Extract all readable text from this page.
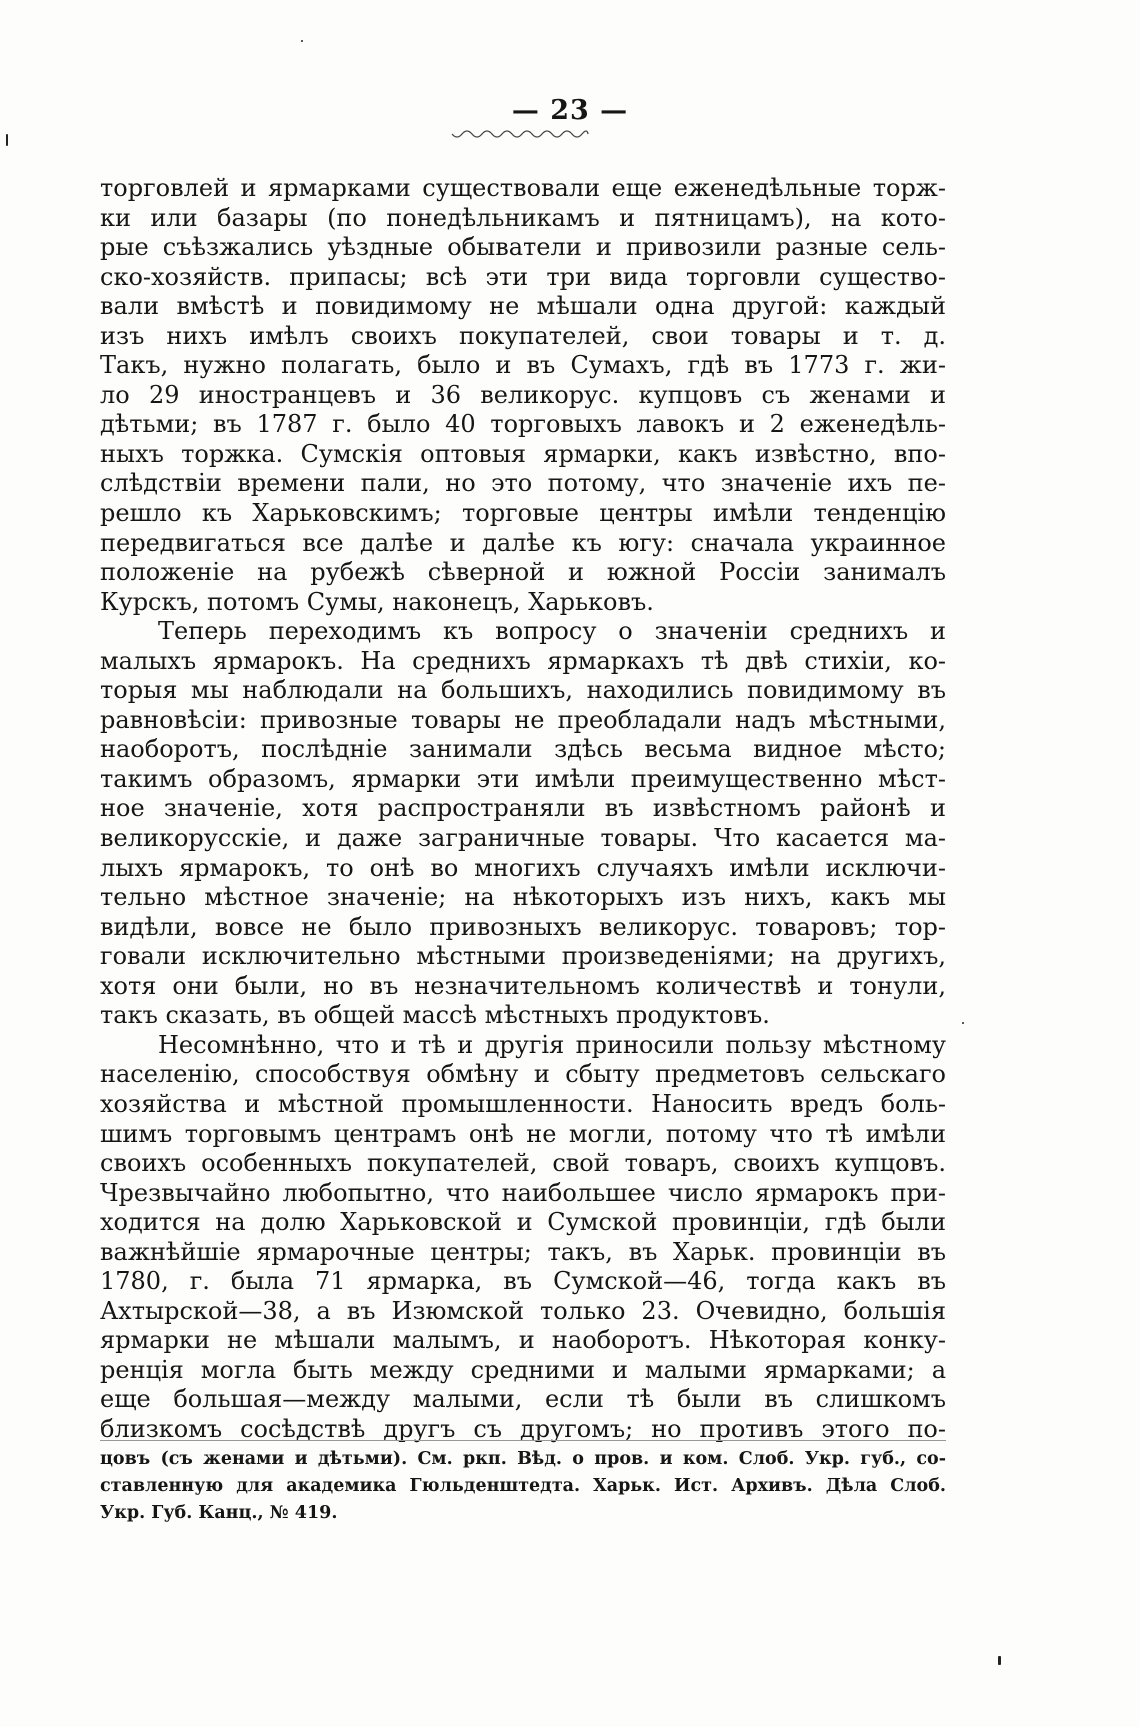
— 23 —
торговлей и ярмарками существовали еще еженедѣльные торж-
ки или базары (по понедѣльникамъ и пятницамъ), на кото-
рые съѣзжались уѣздные обыватели и привозили разные сель-
ско-хозяйств. припасы; всѣ эти три вида торговли существо-
вали вмѣстѣ и повидимому не мѣшали одна другой: каждый
изъ нихъ имѣлъ своихъ покупателей, свои товары и т. д.
Такъ, нужно полагать, было и въ Сумахъ, гдѣ въ 1773 г. жи-
ло 29 иностранцевъ и 36 великорус. купцовъ съ женами и
дѣтьми; въ 1787 г. было 40 торговыхъ лавокъ и 2 еженедѣль-
ныхъ торжка. Сумскія оптовыя ярмарки, какъ извѣстно, впо-
слѣдствіи времени пали, но это потому, что значеніе ихъ пе-
решло къ Харьковскимъ; торговые центры имѣли тенденцію
передвигаться все далѣе и далѣе къ югу: сначала украинное
положеніе на рубежѣ сѣверной и южной Россіи занималъ
Курскъ, потомъ Сумы, наконецъ, Харьковъ.
Теперь переходимъ къ вопросу о значеніи среднихъ и
малыхъ ярмарокъ. На среднихъ ярмаркахъ тѣ двѣ стихіи, ко-
торыя мы наблюдали на большихъ, находились повидимому въ
равновѣсіи: привозные товары не преобладали надъ мѣстными,
наоборотъ, послѣдніе занимали здѣсь весьма видное мѣсто;
такимъ образомъ, ярмарки эти имѣли преимущественно мѣст-
ное значеніе, хотя распространяли въ извѣстномъ районѣ и
великорусскіе, и даже заграничные товары. Что касается ма-
лыхъ ярмарокъ, то онѣ во многихъ случаяхъ имѣли исключи-
тельно мѣстное значеніе; на нѣкоторыхъ изъ нихъ, какъ мы
видѣли, вовсе не было привозныхъ великорус. товаровъ; тор-
говали исключительно мѣстными произведеніями; на другихъ,
хотя они были, но въ незначительномъ количествѣ и тонули,
такъ сказать, въ общей массѣ мѣстныхъ продуктовъ.
Несомнѣнно, что и тѣ и другія приносили пользу мѣстному
населенію, способствуя обмѣну и сбыту предметовъ сельскаго
хозяйства и мѣстной промышленности. Наносить вредъ боль-
шимъ торговымъ центрамъ онѣ не могли, потому что тѣ имѣли
своихъ особенныхъ покупателей, свой товаръ, своихъ купцовъ.
Чрезвычайно любопытно, что наибольшее число ярмарокъ при-
ходится на долю Харьковской и Сумской провинціи, гдѣ были
важнѣйшіе ярмарочные центры; такъ, въ Харьк. провинціи въ
1780, г. была 71 ярмарка, въ Сумской—46, тогда какъ въ
Ахтырской—38, а въ Изюмской только 23. Очевидно, большія
ярмарки не мѣшали малымъ, и наоборотъ. Нѣкоторая конку-
ренція могла быть между средними и малыми ярмарками; а
еще большая—между малыми, если тѣ были въ слишкомъ
близкомъ сосѣдствѣ другъ съ другомъ; но противъ этого по-
цовъ (съ женами и дѣтьми). См. ркп. Вѣд. о пров. и ком. Слоб. Укр. губ., со-
ставленную для академика Гюльденштедта. Харьк. Ист. Архивъ. Дѣла Слоб.
Укр. Губ. Канц., № 419.
